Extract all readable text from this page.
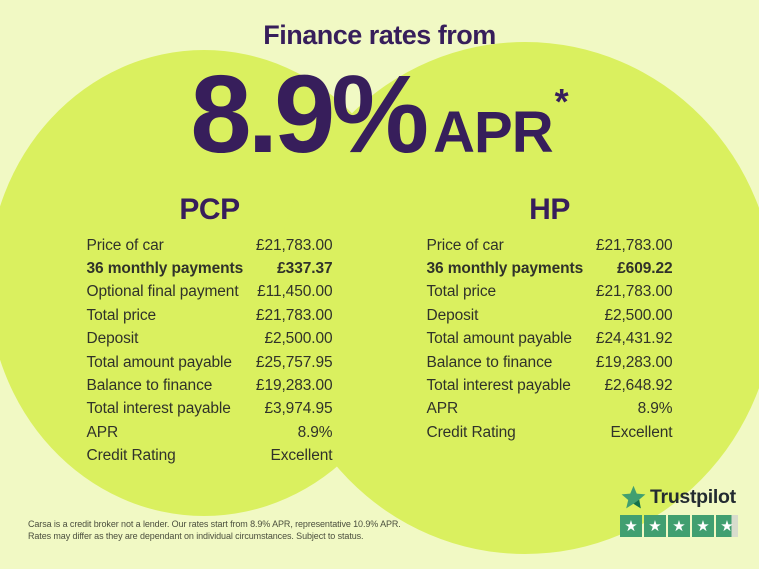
Finance rates from
8.9% APR *
PCP
Price of car	£21,783.00
36 monthly payments £337.37
Optional final payment £11,450.00
Total price	£21,783.00
Deposit	£2,500.00
Total amount payable £25,757.95
Balance to finance	£19,283.00
Total interest payable £3,974.95
APR	8.9%
Credit Rating	Excellent
HP
Price of car	£21,783.00
36 monthly payments £609.22
Total price	£21,783.00
Deposit	£2,500.00
Total amount payable £24,431.92
Balance to finance	£19,283.00
Total interest payable £2,648.92
APR	8.9%
Credit Rating	Excellent
Carsa is a credit broker not a lender. Our rates start from 8.9% APR, representative 10.9% APR.
Rates may differ as they are dependant on individual circumstances. Subject to status.
Trustpilot
★ ★ ★ ★ ★
